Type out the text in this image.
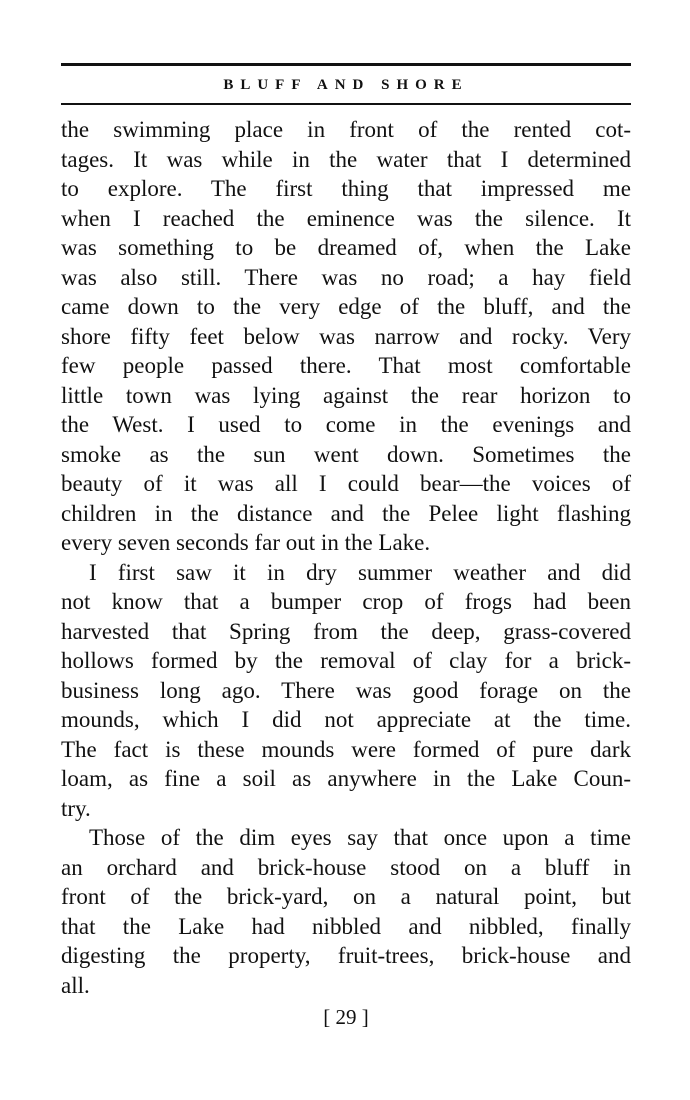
BLUFF AND SHORE
the swimming place in front of the rented cot-
tages. It was while in the water that I determined
to explore. The first thing that impressed me
when I reached the eminence was the silence. It
was something to be dreamed of, when the Lake
was also still. There was no road; a hay field
came down to the very edge of the bluff, and the
shore fifty feet below was narrow and rocky. Very
few people passed there. That most comfortable
little town was lying against the rear horizon to
the West. I used to come in the evenings and
smoke as the sun went down. Sometimes the
beauty of it was all I could bear—the voices of
children in the distance and the Pelee light flashing
every seven seconds far out in the Lake.
I first saw it in dry summer weather and did
not know that a bumper crop of frogs had been
harvested that Spring from the deep, grass-covered
hollows formed by the removal of clay for a brick-
business long ago. There was good forage on the
mounds, which I did not appreciate at the time.
The fact is these mounds were formed of pure dark
loam, as fine a soil as anywhere in the Lake Coun-
try.
Those of the dim eyes say that once upon a time
an orchard and brick-house stood on a bluff in
front of the brick-yard, on a natural point, but
that the Lake had nibbled and nibbled, finally
digesting the property, fruit-trees, brick-house and
all.
[ 29 ]
